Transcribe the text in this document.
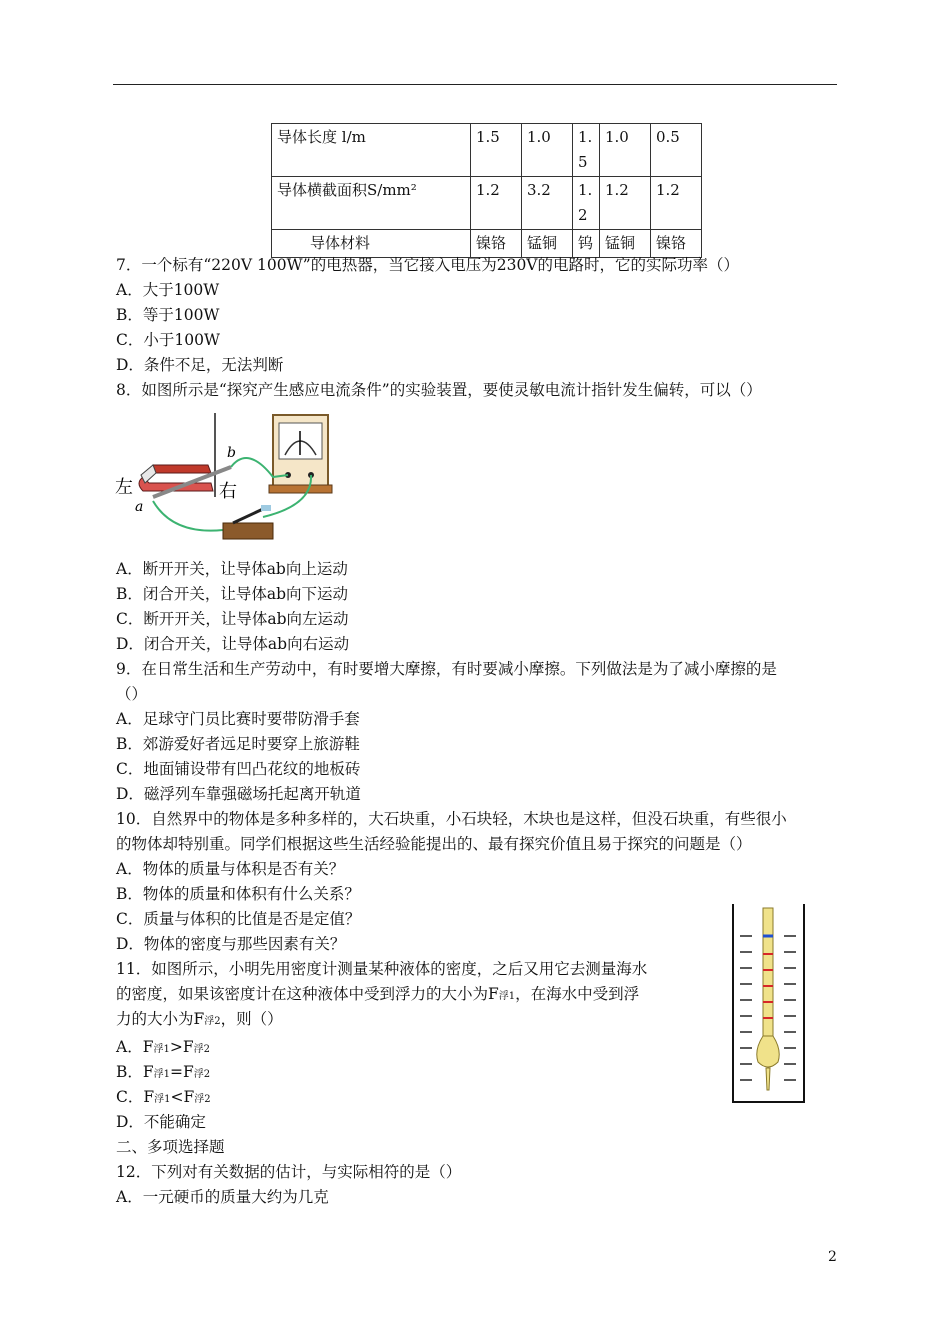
导体长度 l/m	1.5	1.0	1.5	1.0	0.5
导体横截面积S/mm²	1.2	3.2	1.2	1.2	1.2
导体材料	镍铬	锰铜	钨	锰铜	镍铬
7．一个标有“220V 100W”的电热器，当它接入电压为230V的电路时，它的实际功率（）
A．大于100W
B．等于100W
C．小于100W
D．条件不足，无法判断
8．如图所示是“探究产生感应电流条件”的实验装置，要使灵敏电流计指针发生偏转，可以（）
左	右
a
b
A．断开开关，让导体ab向上运动
B．闭合开关，让导体ab向下运动
C．断开开关，让导体ab向左运动
D．闭合开关，让导体ab向右运动
9．在日常生活和生产劳动中，有时要增大摩擦，有时要减小摩擦。下列做法是为了减小摩擦的是
（）
A．足球守门员比赛时要带防滑手套
B．郊游爱好者远足时要穿上旅游鞋
C．地面铺设带有凹凸花纹的地板砖
D．磁浮列车靠强磁场托起离开轨道
10．自然界中的物体是多种多样的，大石块重，小石块轻，木块也是这样，但没石块重，有些很小
的物体却特别重。同学们根据这些生活经验能提出的、最有探究价值且易于探究的问题是（）
A．物体的质量与体积是否有关？
B．物体的质量和体积有什么关系？
C．质量与体积的比值是否是定值？
D．物体的密度与那些因素有关？
11．如图所示，小明先用密度计测量某种液体的密度，之后又用它去测量海水
的密度，如果该密度计在这种液体中受到浮力的大小为F浮1，在海水中受到浮
力的大小为F浮2，则（）
A．F浮1>F浮2
B．F浮1=F浮2
C．F浮1<F浮2
D．不能确定
二、多项选择题
12．下列对有关数据的估计，与实际相符的是（）
A．一元硬币的质量大约为几克
2
